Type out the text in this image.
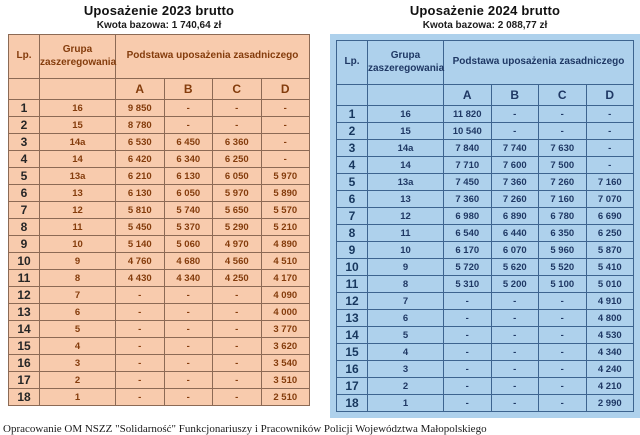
Uposażenie 2023 brutto
Kwota bazowa: 1 740,64 zł
Lp.	Grupa zaszeregowania	Podstawa uposażenia zasadniczego			
		A	B	C	D
1	16	9 850	-	-	-
2	15	8 780	-	-	-
3	14a	6 530	6 450	6 360	-
4	14	6 420	6 340	6 250	-
5	13a	6 210	6 130	6 050	5 970
6	13	6 130	6 050	5 970	5 890
7	12	5 810	5 740	5 650	5 570
8	11	5 450	5 370	5 290	5 210
9	10	5 140	5 060	4 970	4 890
10	9	4 760	4 680	4 560	4 510
11	8	4 430	4 340	4 250	4 170
12	7	-	-	-	4 090
13	6	-	-	-	4 000
14	5	-	-	-	3 770
15	4	-	-	-	3 620
16	3	-	-	-	3 540
17	2	-	-	-	3 510
18	1	-	-	-	2 510
Uposażenie 2024 brutto
Kwota bazowa: 2 088,77 zł
Lp.	Grupa zaszeregowania	Podstawa uposażenia zasadniczego			
		A	B	C	D
1	16	11 820	-	-	-
2	15	10 540	-	-	-
3	14a	7 840	7 740	7 630	-
4	14	7 710	7 600	7 500	-
5	13a	7 450	7 360	7 260	7 160
6	13	7 360	7 260	7 160	7 070
7	12	6 980	6 890	6 780	6 690
8	11	6 540	6 440	6 350	6 250
9	10	6 170	6 070	5 960	5 870
10	9	5 720	5 620	5 520	5 410
11	8	5 310	5 200	5 100	5 010
12	7	-	-	-	4 910
13	6	-	-	-	4 800
14	5	-	-	-	4 530
15	4	-	-	-	4 340
16	3	-	-	-	4 240
17	2	-	-	-	4 210
18	1	-	-	-	2 990
Opracowanie OM NSZZ "Solidarność" Funkcjonariuszy i Pracowników Policji Województwa Małopolskiego
